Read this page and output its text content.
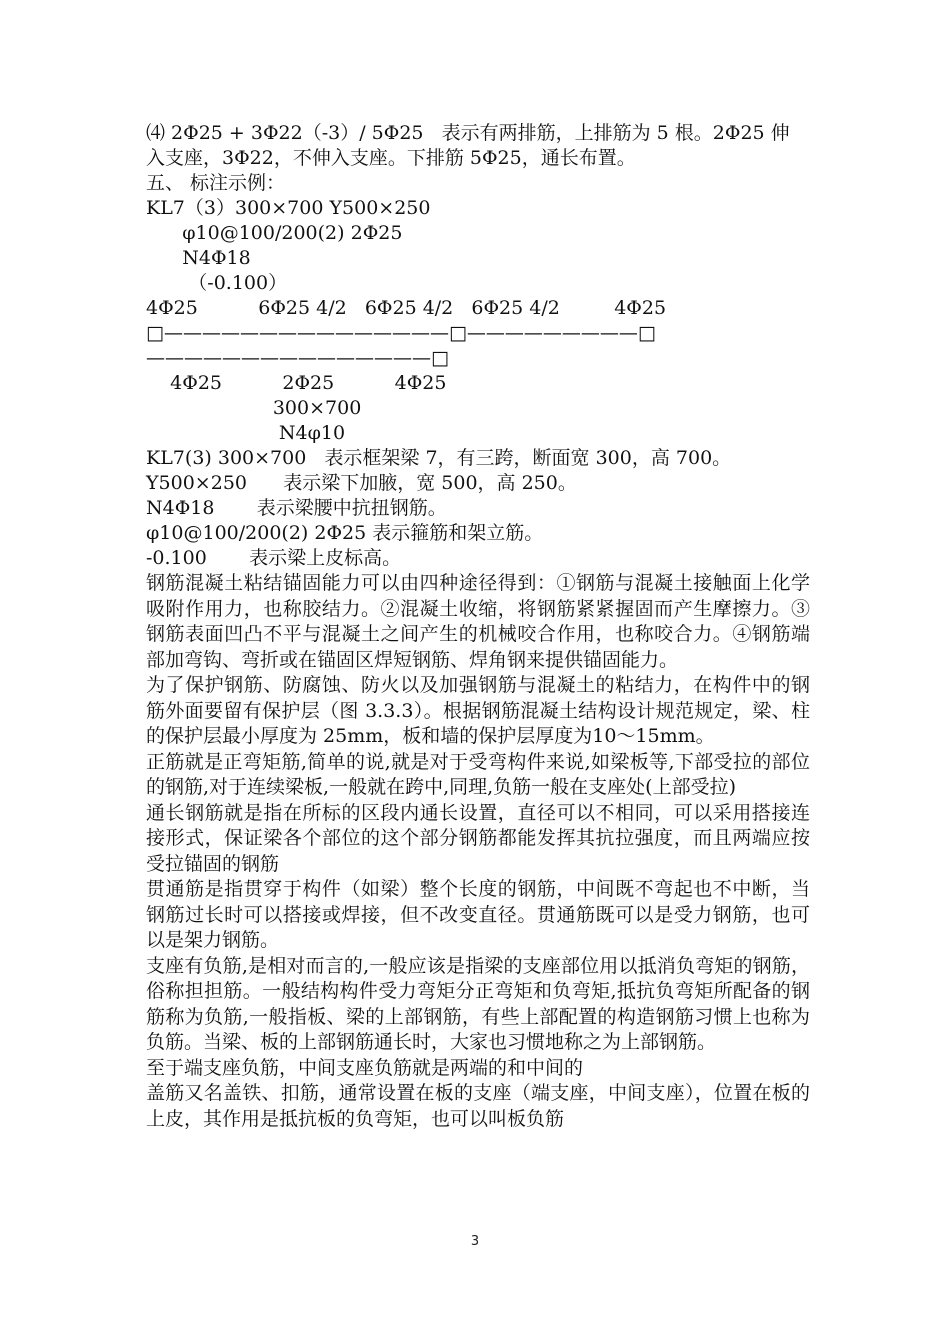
⑷ 2Φ25 + 3Φ22（-3）/ 5Φ25   表示有两排筋，上排筋为 5 根。2Φ25 伸
入支座，3Φ22，不伸入支座。下排筋 5Φ25，通长布置。
五、 标注示例：
KL7（3）300×700 Y500×250
φ10@100/200(2) 2Φ25
N4Φ18
（-0.100）
4Φ25          6Φ25 4/2   6Φ25 4/2   6Φ25 4/2         4Φ25
□———————————————□—————————□
———————————————□
4Φ25          2Φ25          4Φ25
300×700
N4φ10
KL7(3) 300×700   表示框架梁 7，有三跨，断面宽 300，高 700。
Y500×250      表示梁下加腋，宽 500，高 250。
N4Φ18       表示梁腰中抗扭钢筋。
φ10@100/200(2) 2Φ25 表示箍筋和架立筋。
-0.100       表示梁上皮标高。

钢筋混凝土粘结锚固能力可以由四种途径得到：①钢筋与混凝土接触面上化学吸附作用力，也称胶结力。②混凝土收缩，将钢筋紧紧握固而产生摩擦力。③钢筋表面凹凸不平与混凝土之间产生的机械咬合作用，也称咬合力。④钢筋端部加弯钩、弯折或在锚固区焊短钢筋、焊角钢来提供锚固能力。

为了保护钢筋、防腐蚀、防火以及加强钢筋与混凝土的粘结力，在构件中的钢筋外面要留有保护层（图 3.3.3）。根据钢筋混凝土结构设计规范规定，梁、柱的保护层最小厚度为 25mm，板和墙的保护层厚度为10～15mm。

正筋就是正弯矩筋,简单的说,就是对于受弯构件来说,如梁板等,下部受拉的部位的钢筋,对于连续梁板,一般就在跨中,同理,负筋一般在支座处(上部受拉)

通长钢筋就是指在所标的区段内通长设置，直径可以不相同，可以采用搭接连接形式，保证梁各个部位的这个部分钢筋都能发挥其抗拉强度，而且两端应按受拉锚固的钢筋

贯通筋是指贯穿于构件（如梁）整个长度的钢筋，中间既不弯起也不中断，当钢筋过长时可以搭接或焊接，但不改变直径。贯通筋既可以是受力钢筋，也可以是架力钢筋。

支座有负筋,是相对而言的,一般应该是指梁的支座部位用以抵消负弯矩的钢筋，俗称担担筋。一般结构构件受力弯矩分正弯矩和负弯矩,抵抗负弯矩所配备的钢筋称为负筋,一般指板、梁的上部钢筋，有些上部配置的构造钢筋习惯上也称为负筋。当梁、板的上部钢筋通长时，大家也习惯地称之为上部钢筋。

至于端支座负筋，中间支座负筋就是两端的和中间的

盖筋又名盖铁、扣筋，通常设置在板的支座（端支座，中间支座），位置在板的上皮，其作用是抵抗板的负弯矩，也可以叫板负筋

3
